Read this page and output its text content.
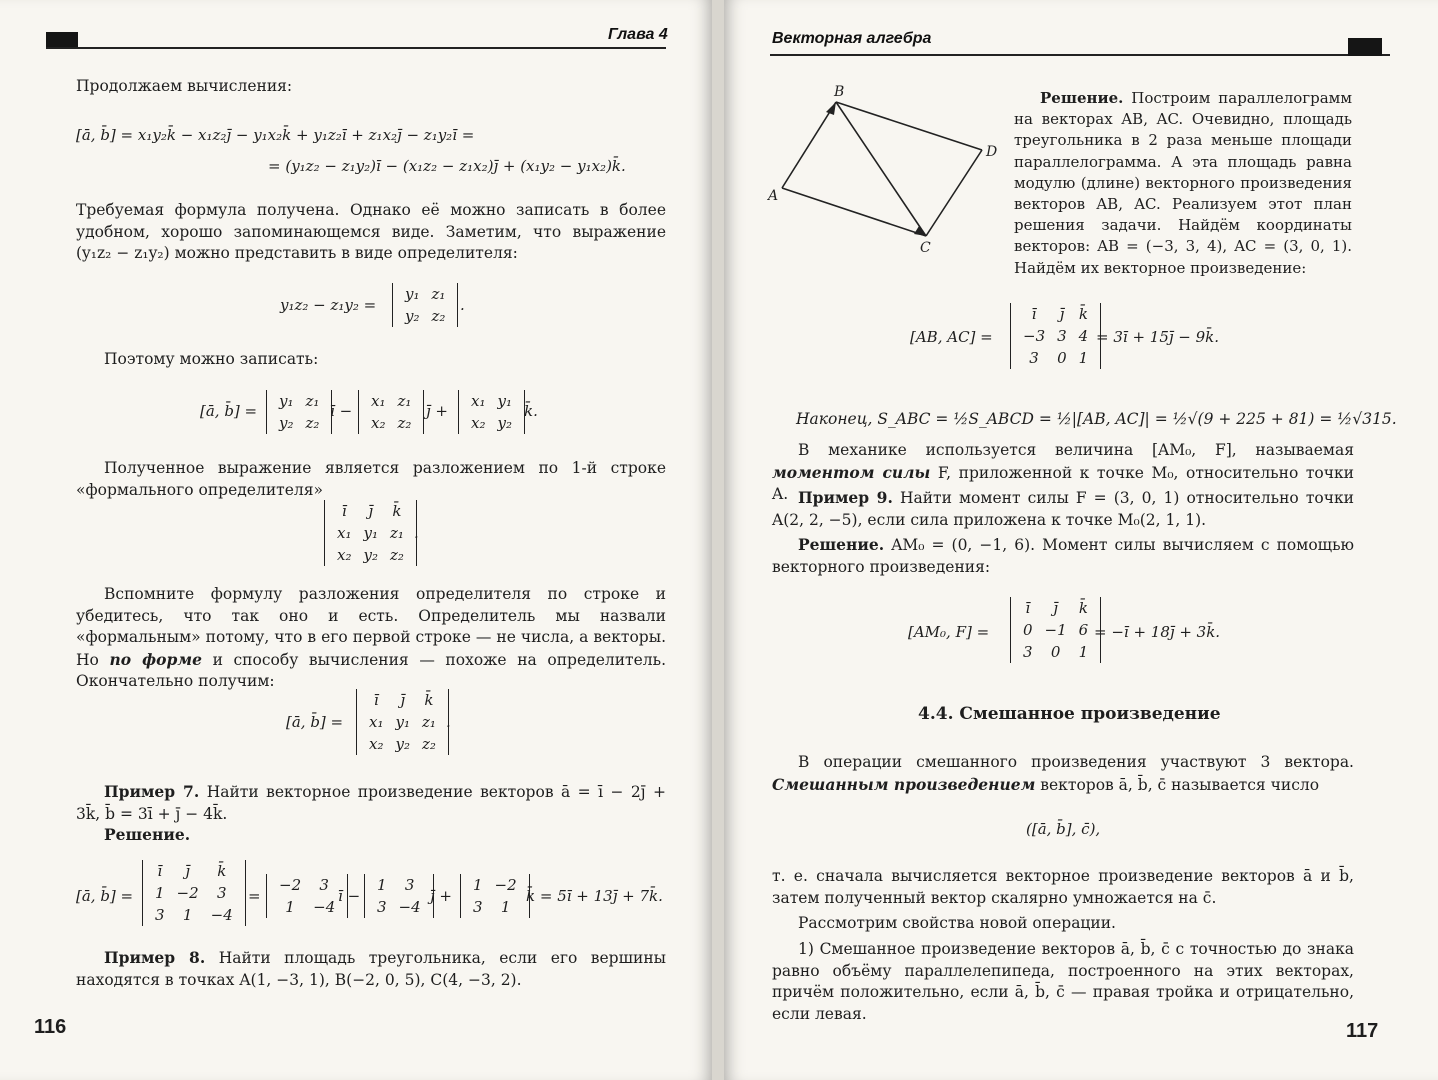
Глава 4

Продолжаем вычисления:

[ā, b̄] = x₁y₂k̄ − x₁z₂j̄ − y₁x₂k̄ + y₁z₂ī + z₁x₂j̄ − z₁y₂ī =
= (y₁z₂ − z₁y₂)ī − (x₁z₂ − z₁x₂)j̄ + (x₁y₂ − y₁x₂)k̄.

Требуемая формула получена. Однако её можно записать в более удобном, хорошо запоминающемся виде. Заметим, что выражение (y₁z₂ − z₁y₂) можно представить в виде определителя:

y₁z₂ − z₁y₂ =
y₁	z₁
y₂	z₂
.

Поэтому можно записать:

[ā, b̄] =
y₁	z₁
y₂	z₂
ī −
x₁	z₁
x₂	z₂
j̄ +
x₁	y₁
x₂	y₂
k̄.

Полученное выражение является разложением по 1-й строке «формального определителя»

ī	j̄	k̄
x₁	y₁	z₁
x₂	y₂	z₂
.

Вспомните формулу разложения определителя по строке и убедитесь, что так оно и есть. Определитель мы назвали «формальным» потому, что в его первой строке — не числа, а векторы. Но по форме и способу вычисления — похоже на определитель. Окончательно получим:

[ā, b̄] =
ī	j̄	k̄
x₁	y₁	z₁
x₂	y₂	z₂
.

Пример 7. Найти векторное произведение векторов ā = ī − 2j̄ + 3k̄, b̄ = 3ī + j̄ − 4k̄.

Решение.
[ā, b̄] =
ī	j̄	k̄
1	−2	3
3	1	−4
=
−2	3
1	−4
ī −
1	3
3	−4
j̄ +
1	−2
3	1
k̄ = 5ī + 13j̄ + 7k̄.

Пример 8. Найти площадь треугольника, если его вершины находятся в точках A(1, −3, 1), B(−2, 0, 5), C(4, −3, 2).

116
Векторная алгебра
A
B
C
D

Решение. Построим параллелограмм на векторах AB, AC. Очевидно, площадь треугольника в 2 раза меньше площади параллелограмма. А эта площадь равна модулю (длине) векторного произведения векторов AB, AC. Реализуем этот план решения задачи. Найдём координаты векторов: AB = (−3, 3, 4), AC = (3, 0, 1). Найдём их векторное произведение:

[AB, AC] =
ī	j̄	k̄
−3	3	4
3	0	1
= 3ī + 15j̄ − 9k̄.
Наконец, S_ABC = ½S_ABCD = ½|[AB, AC]| = ½√(9 + 225 + 81) = ½√315.

В механике используется величина [AM₀, F], называемая моментом силы F, приложенной к точке M₀, относительно точки A. Пример 9. Найти момент силы F = (3, 0, 1) относительно точки A(2, 2, −5), если сила приложена к точке M₀(2, 1, 1).

Решение. AM₀ = (0, −1, 6). Момент силы вычисляем с помощью векторного произведения:

[AM₀, F] =
ī	j̄	k̄
0	−1	6
3	0	1
= −ī + 18j̄ + 3k̄.
4.4. Смешанное произведение

В операции смешанного произведения участвуют 3 вектора. Смешанным произведением векторов ā, b̄, c̄ называется число

([ā, b̄], c̄),

т. е. сначала вычисляется векторное произведение векторов ā и b̄, затем полученный вектор скалярно умножается на c̄.

Рассмотрим свойства новой операции.

1) Смешанное произведение векторов ā, b̄, c̄ с точностью до знака равно объёму параллелепипеда, построенного на этих векторах, причём положительно, если ā, b̄, c̄ — правая тройка и отрицательно, если левая.

117
